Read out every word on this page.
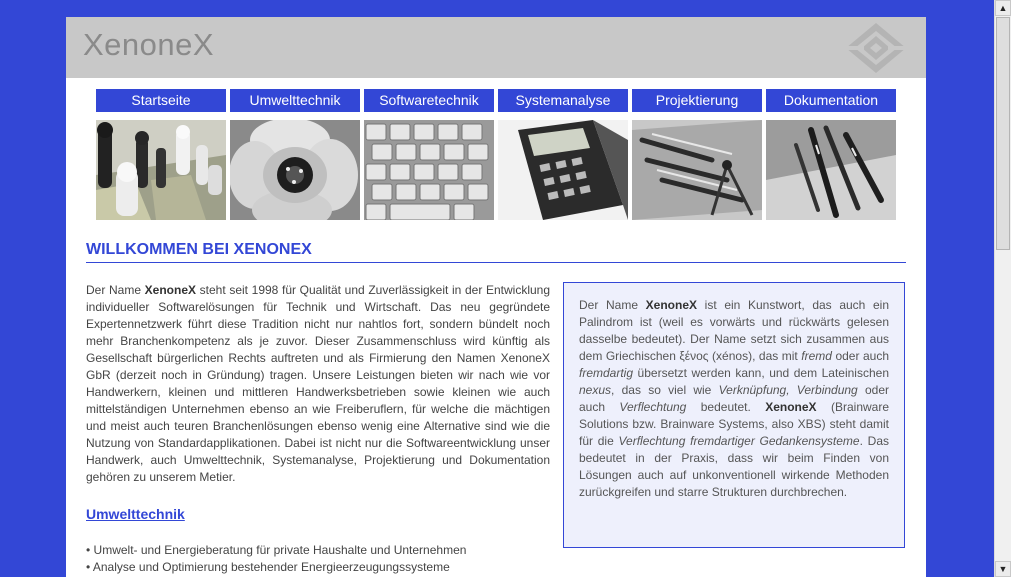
XenoneX
Startseite	Umwelttechnik	Softwaretechnik	Systemanalyse	Projektierung	Dokumentation
WILLKOMMEN BEI XENONEX
Der Name XenoneX steht seit 1998 für Qualität und Zuverlässigkeit in der Entwicklung individueller Softwarelösungen für Technik und Wirtschaft. Das neu gegründete Expertennetzwerk führt diese Tradition nicht nur nahtlos fort, sondern bündelt noch mehr Branchenkompetenz als je zuvor. Dieser Zusammenschluss wird künftig als Gesellschaft bürgerlichen Rechts auftreten und als Firmierung den Namen XenoneX GbR (derzeit noch in Gründung) tragen. Unsere Leistungen bieten wir nach wie vor Handwerkern, kleinen und mittleren Handwerksbetrieben sowie kleinen wie auch mittelständigen Unternehmen ebenso an wie Freiberuflern, für welche die mächtigen und meist auch teuren Branchenlösungen ebenso wenig eine Alternative sind wie die Nutzung von Standardapplikationen. Dabei ist nicht nur die Softwareentwicklung unser Handwerk, auch Umwelttechnik, Systemanalyse, Projektierung und Dokumentation gehören zu unserem Metier.
Der Name XenoneX ist ein Kunstwort, das auch ein Palindrom ist (weil es vorwärts und rückwärts gelesen dasselbe bedeutet). Der Name setzt sich zusammen aus dem Griechischen ξένος (xénos), das mit fremd oder auch fremdartig übersetzt werden kann, und dem Lateinischen nexus, das so viel wie Verknüpfung, Verbindung oder auch Verflechtung bedeutet. XenoneX (Brainware Solutions bzw. Brainware Systems, also XBS) steht damit für die Verflechtung fremdartiger Gedankensysteme. Das bedeutet in der Praxis, dass wir beim Finden von Lösungen auch auf unkonventionell wirkende Methoden zurückgreifen und starre Strukturen durchbrechen.
Umwelttechnik
• Umwelt- und Energieberatung für private Haushalte und Unternehmen
• Analyse und Optimierung bestehender Energieerzeugungssysteme
▲
▼
